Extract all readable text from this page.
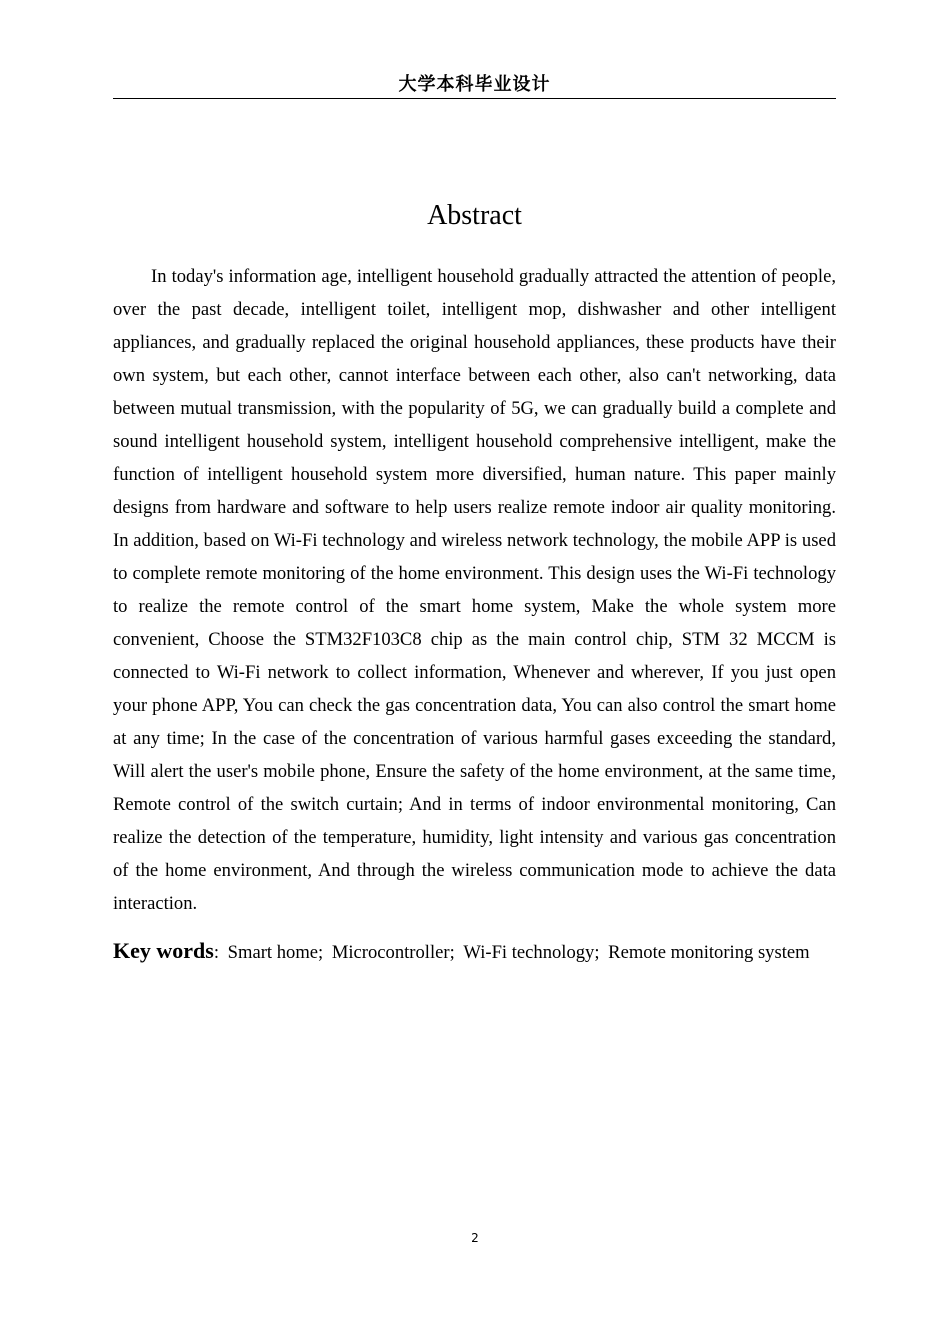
大学本科毕业设计
Abstract

In today's information age, intelligent household gradually attracted the attention of people, over the past decade, intelligent toilet, intelligent mop, dishwasher and other intelligent appliances, and gradually replaced the original household appliances, these products have their own system, but each other, cannot interface between each other, also can't networking, data between mutual transmission, with the popularity of 5G, we can gradually build a complete and sound intelligent household system, intelligent household comprehensive intelligent, make the function of intelligent household system more diversified, human nature. This paper mainly designs from hardware and software to help users realize remote indoor air quality monitoring. In addition, based on Wi-Fi technology and wireless network technology, the mobile APP is used to complete remote monitoring of the home environment. This design uses the Wi-Fi technology to realize the remote control of the smart home system, Make the whole system more convenient, Choose the STM32F103C8 chip as the main control chip, STM 32 MCCM is connected to Wi-Fi network to collect information, Whenever and wherever, If you just open your phone APP, You can check the gas concentration data, You can also control the smart home at any time; In the case of the concentration of various harmful gases exceeding the standard, Will alert the user's mobile phone, Ensure the safety of the home environment, at the same time, Remote control of the switch curtain; And in terms of indoor environmental monitoring, Can realize the detection of the temperature, humidity, light intensity and various gas concentration of the home environment, And through the wireless communication mode to achieve the data interaction.

Key words: Smart home; Microcontroller; Wi-Fi technology; Remote monitoring system

2
